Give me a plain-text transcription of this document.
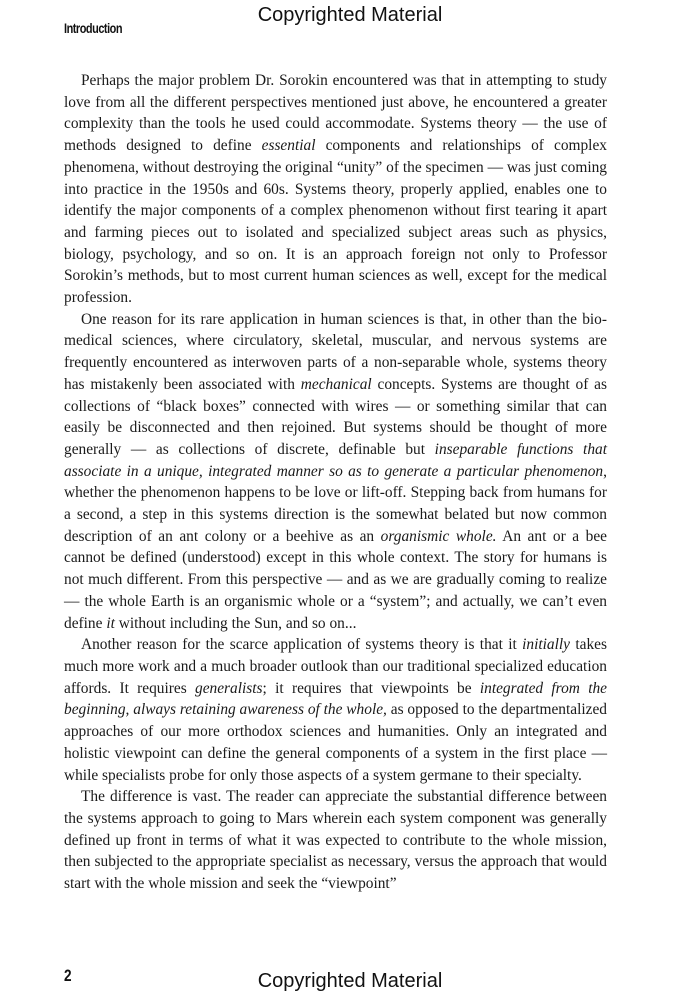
Copyrighted Material
Introduction

Perhaps the major problem Dr. Sorokin encountered was that in attempting to study love from all the different perspectives mentioned just above, he encountered a greater complexity than the tools he used could accommodate. Systems theory — the use of methods designed to define essential components and relationships of complex phenomena, without destroying the original “unity” of the specimen — was just coming into practice in the 1950s and 60s. Systems theory, properly applied, enables one to identify the major components of a complex phenomenon without first tearing it apart and farming pieces out to isolated and specialized subject areas such as physics, biology, psychology, and so on. It is an approach foreign not only to Professor Sorokin’s methods, but to most current human sciences as well, except for the medical profession.

One reason for its rare application in human sciences is that, in other than the bio-medical sciences, where circulatory, skeletal, muscular, and nervous systems are frequently encountered as interwoven parts of a non-separable whole, systems theory has mistakenly been associated with mechanical concepts. Systems are thought of as collections of “black boxes” connected with wires — or something similar that can easily be disconnected and then rejoined. But systems should be thought of more generally — as collections of discrete, definable but inseparable functions that associate in a unique, integrated manner so as to generate a particular phenomenon, whether the phenomenon happens to be love or lift-off. Stepping back from humans for a second, a step in this systems direction is the somewhat belated but now common description of an ant colony or a beehive as an organismic whole. An ant or a bee cannot be defined (understood) except in this whole context. The story for humans is not much different. From this perspective — and as we are gradually coming to realize — the whole Earth is an organismic whole or a “system”; and actually, we can’t even define it without including the Sun, and so on...

Another reason for the scarce application of systems theory is that it initially takes much more work and a much broader outlook than our traditional specialized education affords. It requires generalists; it requires that viewpoints be integrated from the beginning, always retaining awareness of the whole, as opposed to the departmentalized approaches of our more orthodox sciences and humanities. Only an integrated and holistic viewpoint can define the general components of a system in the first place — while specialists probe for only those aspects of a system germane to their specialty.

The difference is vast. The reader can appreciate the substantial difference between the systems approach to going to Mars wherein each system component was generally defined up front in terms of what it was expected to contribute to the whole mission, then subjected to the appropriate specialist as necessary, versus the approach that would start with the whole mission and seek the “viewpoint”

2	Copyrighted Material
